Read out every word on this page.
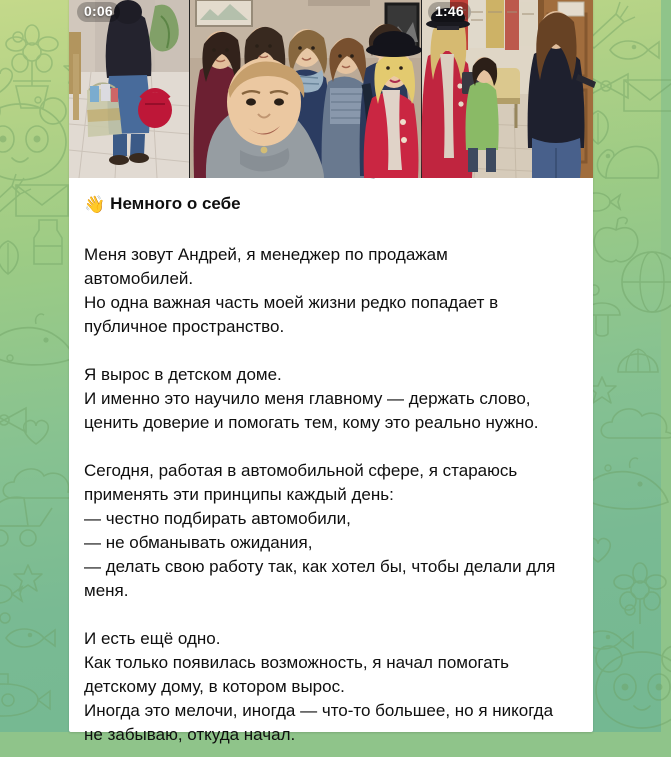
0:06	1:46
👋 Немного о себе

Меня зовут Андрей, я менеджер по продажам
автомобилей.
Но одна важная часть моей жизни редко попадает в
публичное пространство.

Я вырос в детском доме.
И именно это научило меня главному — держать слово,
ценить доверие и помогать тем, кому это реально нужно.

Сегодня, работая в автомобильной сфере, я стараюсь
применять эти принципы каждый день:
— честно подбирать автомобили,
— не обманывать ожидания,
— делать свою работу так, как хотел бы, чтобы делали для
меня.

И есть ещё одно.
Как только появилась возможность, я начал помогать
детскому дому, в котором вырос.
Иногда это мелочи, иногда — что-то большее, но я никогда
не забываю, откуда начал.
